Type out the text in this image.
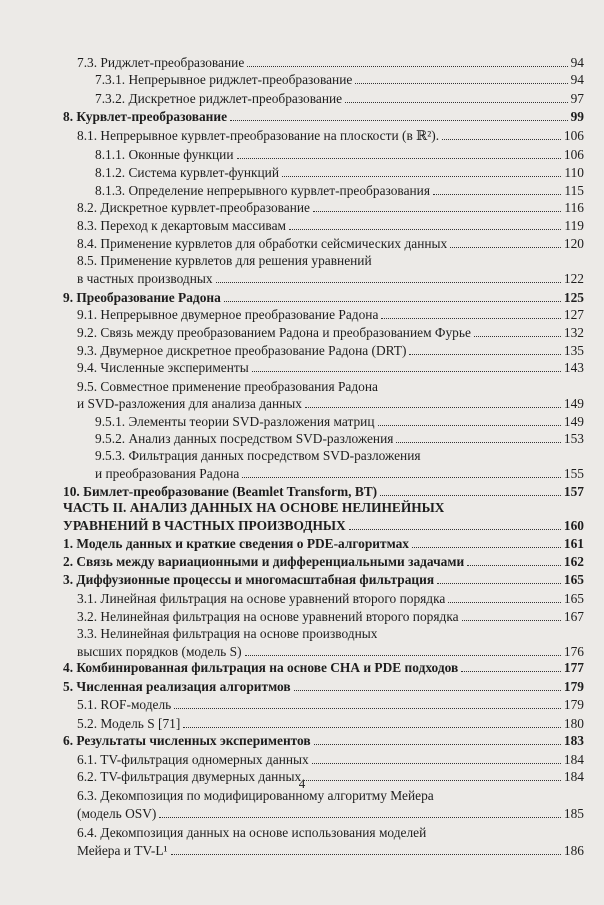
7.3. Риджлет-преобразование	94
7.3.1. Непрерывное риджлет-преобразование	94
7.3.2. Дискретное риджлет-преобразование	97
8. Курвлет-преобразование	99
8.1. Непрерывное курвлет-преобразование на плоскости (в ℝ²).	106
8.1.1. Оконные функции	106
8.1.2. Система курвлет-функций	110
8.1.3. Определение непрерывного курвлет-преобразования	115
8.2. Дискретное курвлет-преобразование	116
8.3. Переход к декартовым массивам	119
8.4. Применение курвлетов для обработки сейсмических данных	120
8.5. Применение курвлетов для решения уравнений
в частных производных	122
9. Преобразование Радона	125
9.1. Непрерывное двумерное преобразование Радона	127
9.2. Связь между преобразованием Радона и преобразованием Фурье	132
9.3. Двумерное дискретное преобразование Радона (DRT)	135
9.4. Численные эксперименты	143
9.5. Совместное применение преобразования Радона
и SVD-разложения для анализа данных	149
9.5.1. Элементы теории SVD-разложения матриц	149
9.5.2. Анализ данных посредством SVD-разложения	153
9.5.3. Фильтрация данных посредством SVD-разложения
и преобразования Радона	155
10. Бимлет-преобразование (Beamlet Transform, BT)	157
ЧАСТЬ II. АНАЛИЗ ДАННЫХ НА ОСНОВЕ НЕЛИНЕЙНЫХ
УРАВНЕНИЙ В ЧАСТНЫХ ПРОИЗВОДНЫХ	160
1. Модель данных и краткие сведения о PDE-алгоритмах	161
2. Связь между вариационными и дифференциальными задачами	162
3. Диффузионные процессы и многомасштабная фильтрация	165
3.1. Линейная фильтрация на основе уравнений второго порядка	165
3.2. Нелинейная фильтрация на основе уравнений второго порядка	167
3.3. Нелинейная фильтрация на основе производных
высших порядков (модель S)	176
4. Комбинированная фильтрация на основе СНА и PDE подходов	177
5. Численная реализация алгоритмов	179
5.1. ROF-модель	179
5.2. Модель S [71]	180
6. Результаты численных экспериментов	183
6.1. TV-фильтрация одномерных данных	184
6.2. TV-фильтрация двумерных данных	184
6.3. Декомпозиция по модифицированному алгоритму Мейера
(модель OSV)	185
6.4. Декомпозиция данных на основе использования моделей
Мейера и TV-L¹	186
4
